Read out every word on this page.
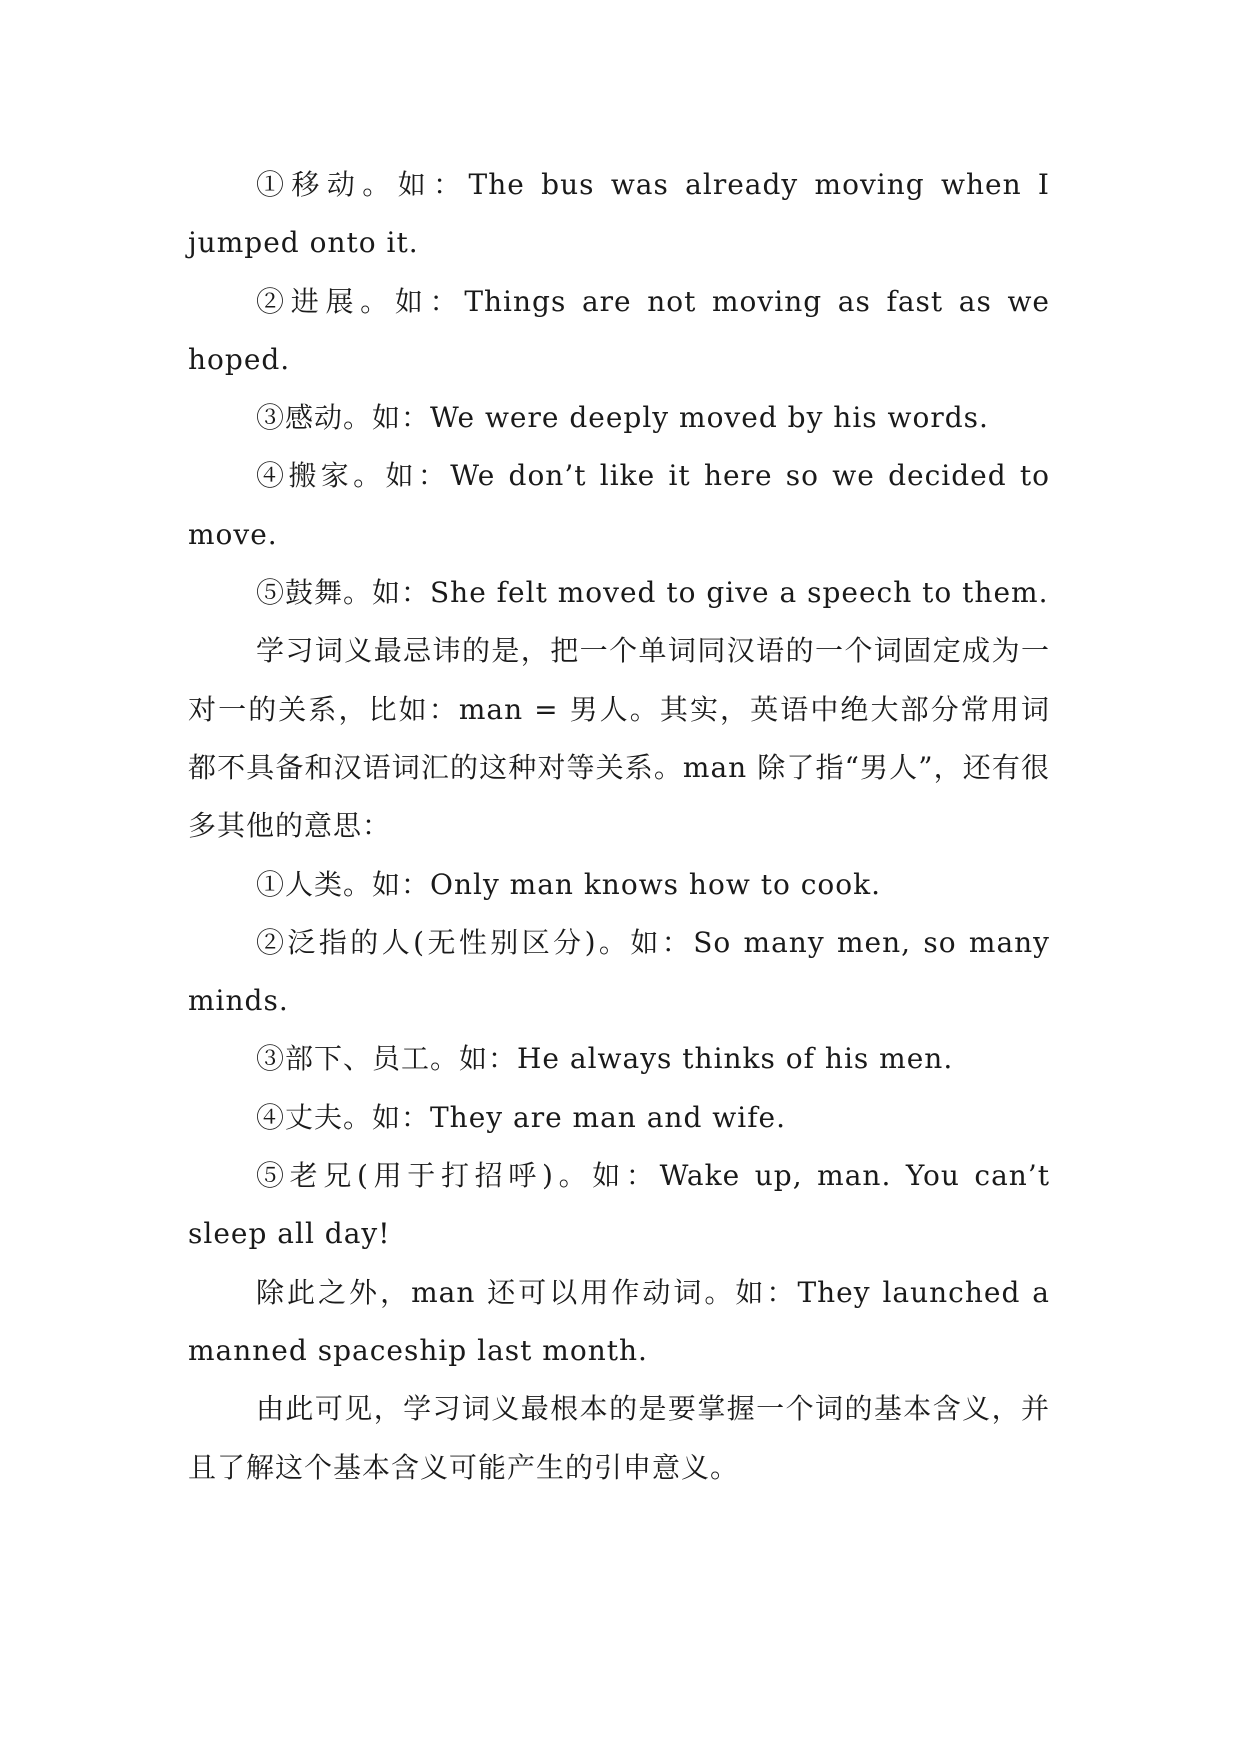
①移动。如：The bus was already moving when I jumped onto it.

②进展。如：Things are not moving as fast as we hoped.

③感动。如：We were deeply moved by his words.

④搬家。如：We don’t like it here so we decided to move.

⑤鼓舞。如：She felt moved to give a speech to them.

学习词义最忌讳的是，把一个单词同汉语的一个词固定成为一对一的关系，比如：man = 男人。其实，英语中绝大部分常用词都不具备和汉语词汇的这种对等关系。man 除了指“男人”，还有很多其他的意思：

①人类。如：Only man knows how to cook.

②泛指的人(无性别区分)。如：So many men, so many minds.

③部下、员工。如：He always thinks of his men.

④丈夫。如：They are man and wife.

⑤老兄(用于打招呼)。如：Wake up, man. You can’t sleep all day!

除此之外，man 还可以用作动词。如：They launched a manned spaceship last month.

由此可见，学习词义最根本的是要掌握一个词的基本含义，并且了解这个基本含义可能产生的引申意义。
